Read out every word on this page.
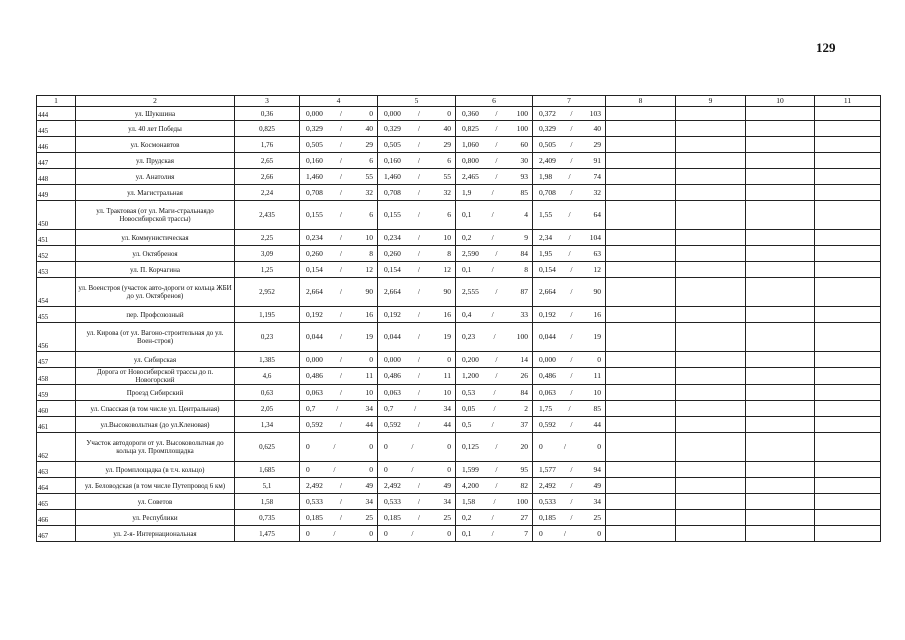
129
1	2	3	4	5	6	7	8	9	10	11
444	ул. Шукшина	0,36	0,000 / 0	0,000 / 0	0,360 / 100	0,372 / 103				

445	ул. 40 лет Победы	0,825	0,329 / 40	0,329 / 40	0,825 / 100	0,329 / 40				

446	ул. Космонавтов	1,76	0,505 / 29	0,505 / 29	1,060 / 60	0,505 / 29				

447	ул. Прудская	2,65	0,160 / 6	0,160 / 6	0,800 / 30	2,409 / 91				

448	ул. Анатолия	2,66	1,460 / 55	1,460 / 55	2,465 / 93	1,98 / 74				

449	ул. Магистральная	2,24	0,708 / 32	0,708 / 32	1,9 / 85	0,708 / 32				

450	ул. Трактовая (от ул. Маги-стральнаядо Новосибирской трассы)	2,435	0,155 / 6	0,155 / 6	0,1 / 4	1,55 / 64				

451	ул. Коммунистическая	2,25	0,234 / 10	0,234 / 10	0,2 / 9	2,34 / 104				

452	ул. Октябреноя	3,09	0,260 / 8	0,260 / 8	2,590 / 84	1,95 / 63				

453	ул. П. Корчагина	1,25	0,154 / 12	0,154 / 12	0,1 / 8	0,154 / 12				

454	ул. Военстроя (участок авто-дороги от кольца ЖБИ до ул. Октябреноя)	2,952	2,664 / 90	2,664 / 90	2,555 / 87	2,664 / 90				

455	пер. Профсоюзный	1,195	0,192 / 16	0,192 / 16	0,4 / 33	0,192 / 16				

456	ул. Кирова (от ул. Вагоно-строительная до ул. Воен-строя)	0,23	0,044 / 19	0,044 / 19	0,23 / 100	0,044 / 19				

457	ул. Сибирская	1,385	0,000 / 0	0,000 / 0	0,200 / 14	0,000 / 0				

458	Дорога от Новосибирской трассы до п. Новогорский	4,6	0,486 / 11	0,486 / 11	1,200 / 26	0,486 / 11				

459	Проезд Сибирский	0,63	0,063 / 10	0,063 / 10	0,53 / 84	0,063 / 10				

460	ул. Спасская (в том числе ул. Центральная)	2,05	0,7 / 34	0,7 / 34	0,05 / 2	1,75 / 85				

461	ул.Высоковольтная (до ул.Кленовая)	1,34	0,592 / 44	0,592 / 44	0,5 / 37	0,592 / 44				

462	Участок автодороги от ул. Высоковольтная до кольца ул. Промплощадка	0,625	0 / 0	0 / 0	0,125 / 20	0 / 0				

463	ул. Промплощадка (в т.ч. кольцо)	1,685	0 / 0	0 / 0	1,599 / 95	1,577 / 94				

464	ул. Беловодская (в том числе Путепровод 6 км)	5,1	2,492 / 49	2,492 / 49	4,200 / 82	2,492 / 49				

465	ул. Советов	1,58	0,533 / 34	0,533 / 34	1,58 / 100	0,533 / 34				

466	ул. Республики	0,735	0,185 / 25	0,185 / 25	0,2 / 27	0,185 / 25				

467	ул. 2-я- Интернациональная	1,475	0 / 0	0 / 0	0,1 / 7	0 / 0				
